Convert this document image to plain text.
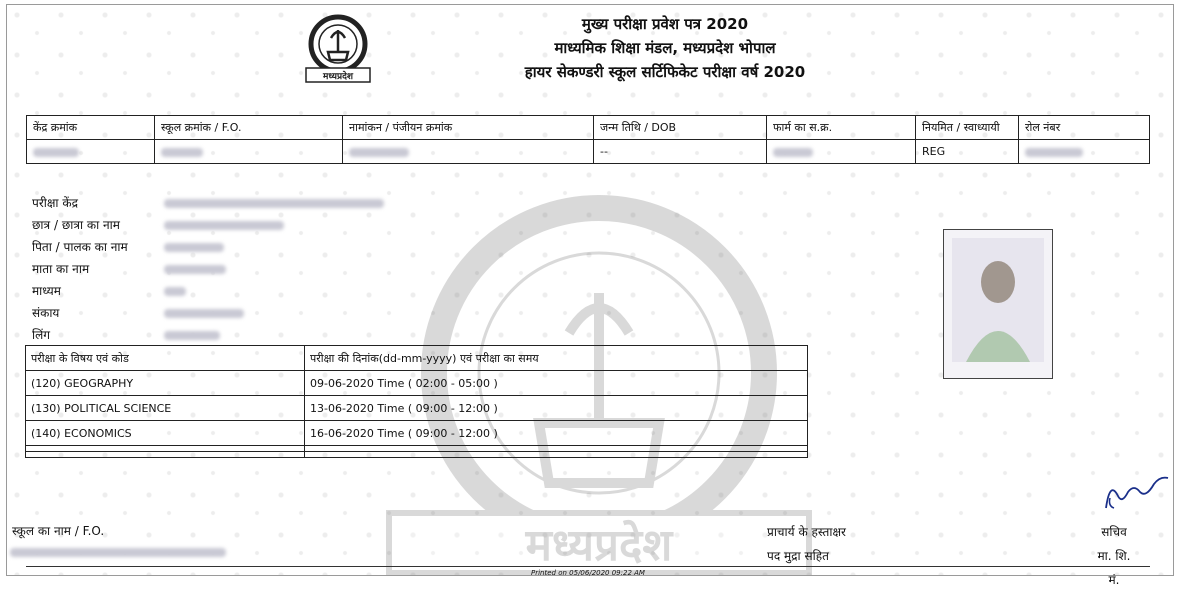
मध्यप्रदेश
मध्यप्रदेश
मुख्य परीक्षा प्रवेश पत्र 2020
माध्यमिक शिक्षा मंडल, मध्यप्रदेश भोपाल
हायर सेकण्डरी स्कूल सर्टिफिकेट परीक्षा वर्ष 2020
केंद्र क्रमांक	स्कूल क्रमांक / F.O.	नामांकन / पंजीयन क्रमांक	जन्म तिथि / DOB	फार्म का स.क्र.	नियमित / स्वाध्यायी	रोल नंबर
			--		REG	
परीक्षा केंद्र
छात्र / छात्रा का नाम
पिता / पालक का नाम
माता का नाम
माध्यम
संकाय
लिंग
परीक्षा के विषय एवं कोड	परीक्षा की दिनांक(dd-mm-yyyy) एवं परीक्षा का समय
(120) GEOGRAPHY	09-06-2020 Time ( 02:00 - 05:00 )
(130) POLITICAL SCIENCE	13-06-2020 Time ( 09:00 - 12:00 )
(140) ECONOMICS	16-06-2020 Time ( 09:00 - 12:00 )

स्कूल का नाम / F.O.	प्राचार्य के हस्ताक्षर
पद मुद्रा सहित
सचिव
मा. शि. मं.
Printed on 05/06/2020 09:22 AM
